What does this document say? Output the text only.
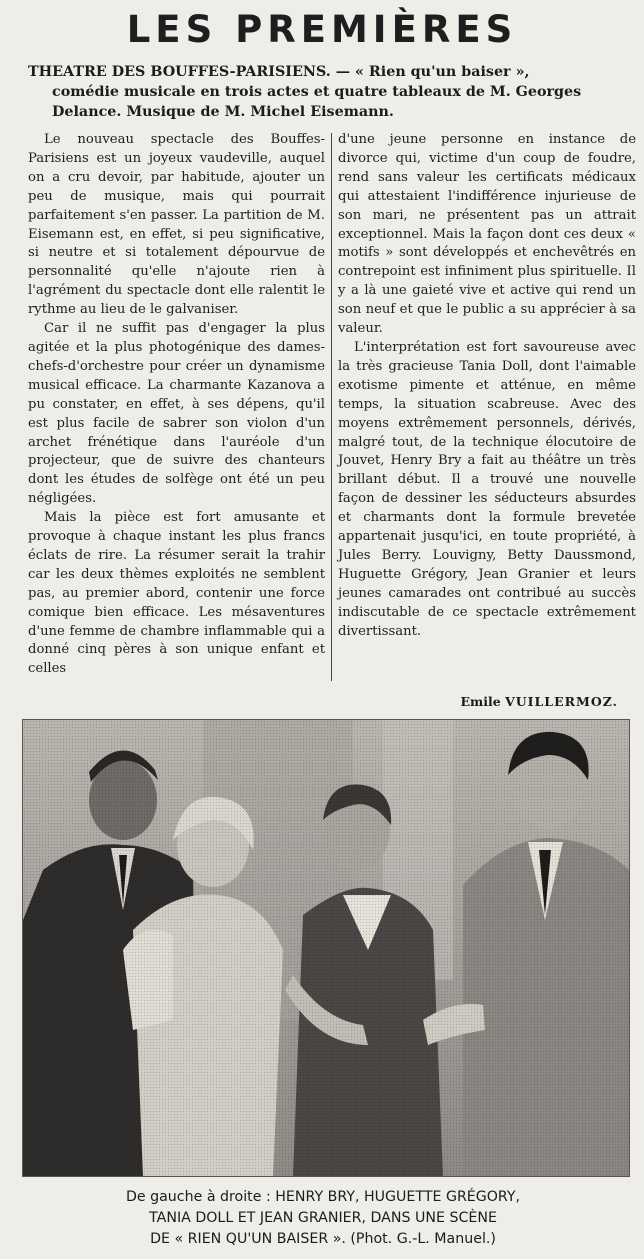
LES PREMIÈRES
THEATRE DES BOUFFES-PARISIENS. — « Rien qu'un baiser »,
comédie musicale en trois actes et quatre tableaux de M. Georges
Delance. Musique de M. Michel Eisemann.

Le nouveau spectacle des Bouffes-Parisiens est un joyeux vaudeville, auquel on a cru devoir, par habitude, ajouter un peu de musique, mais qui pourrait parfaitement s'en passer. La partition de M. Eisemann est, en effet, si peu significative, si neutre et si totalement dépourvue de personnalité qu'elle n'ajoute rien à l'agrément du spectacle dont elle ralentit le rythme au lieu de le galvaniser.

Car il ne suffit pas d'engager la plus agitée et la plus photogénique des dames-chefs-d'orchestre pour créer un dynamisme musical efficace. La charmante Kazanova a pu constater, en effet, à ses dépens, qu'il est plus facile de sabrer son violon d'un archet frénétique dans l'auréole d'un projecteur, que de suivre des chanteurs dont les études de solfège ont été un peu négligées.

Mais la pièce est fort amusante et provoque à chaque instant les plus francs éclats de rire. La résumer serait la trahir car les deux thèmes exploités ne semblent pas, au premier abord, contenir une force comique bien efficace. Les mésaventures d'une femme de chambre inflammable qui a donné cinq pères à son unique enfant et celles

d'une jeune personne en instance de divorce qui, victime d'un coup de foudre, rend sans valeur les certificats médicaux qui attestaient l'indifférence injurieuse de son mari, ne présentent pas un attrait exceptionnel. Mais la façon dont ces deux « motifs » sont développés et enchevêtrés en contrepoint est infiniment plus spirituelle. Il y a là une gaieté vive et active qui rend un son neuf et que le public a su apprécier à sa valeur.

L'interprétation est fort savoureuse avec la très gracieuse Tania Doll, dont l'aimable exotisme pimente et atténue, en même temps, la situation scabreuse. Avec des moyens extrêmement personnels, dérivés, malgré tout, de la technique élocutoire de Jouvet, Henry Bry a fait au théâtre un très brillant début. Il a trouvé une nouvelle façon de dessiner les séducteurs absurdes et charmants dont la formule brevetée appartenait jusqu'ici, en toute propriété, à Jules Berry. Louvigny, Betty Daussmond, Huguette Grégory, Jean Granier et leurs jeunes camarades ont contribué au succès indiscutable de ce spectacle extrêmement divertissant.

Emile VUILLERMOZ.
De gauche à droite : HENRY BRY, HUGUETTE GRÉGORY,
TANIA DOLL ET JEAN GRANIER, DANS UNE SCÈNE
DE « RIEN QU'UN BAISER ». (Phot. G.-L. Manuel.)
